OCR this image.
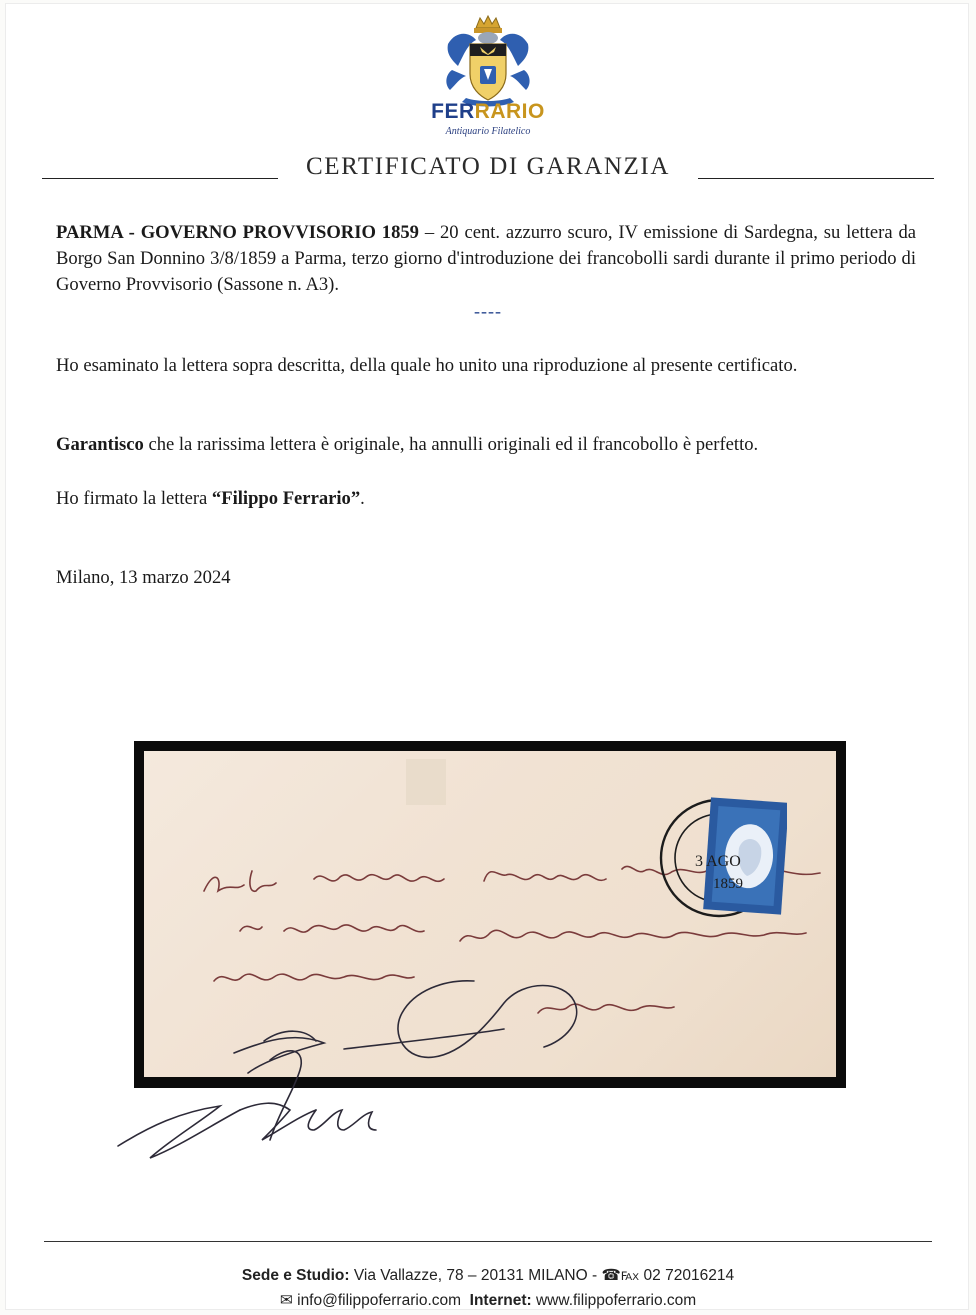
FERRARIO
Antiquario Filatelico
CERTIFICATO DI GARANZIA
PARMA - GOVERNO PROVVISORIO 1859 – 20 cent. azzurro scuro, IV emissione di Sardegna, su lettera da Borgo San Donnino 3/8/1859 a Parma, terzo giorno d'introduzione dei francobolli sardi durante il primo periodo di Governo Provvisorio (Sassone n. A3).
----
Ho esaminato la lettera sopra descritta, della quale ho unito una riproduzione al presente certificato.
Garantisco che la rarissima lettera è originale, ha annulli originali ed il francobollo è perfetto.
Ho firmato la lettera “Filippo Ferrario”.
Milano, 13 marzo 2024
3 AGO
1859
Sede e Studio: Via Vallazze, 78 – 20131 MILANO - ☎℻ 02 72016214
✉ info@filippoferrario.com Internet: www.filippoferrario.com
